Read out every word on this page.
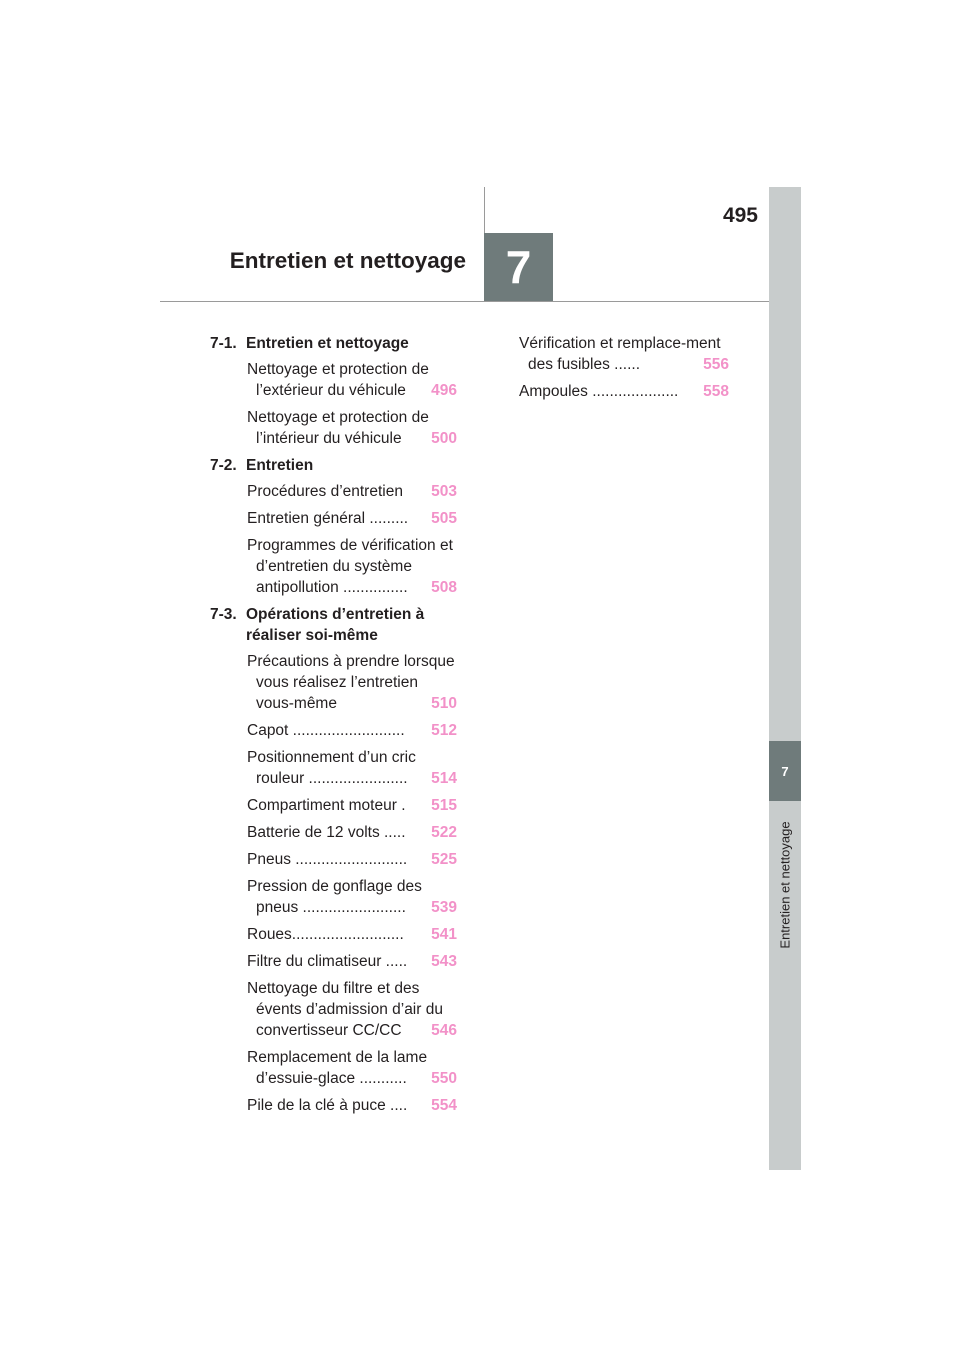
495
Entretien et nettoyage 7
7
Entretien et nettoyage
7-1. Entretien et nettoyage
Nettoyage et protection de l’extérieur du véhicule 496
Nettoyage et protection de l’intérieur du véhicule 500
7-2. Entretien
Procédures d’entretien 503
Entretien général ......... 505
Programmes de vérification et d’entretien du système antipollution ............... 508
7-3. Opérations d’entretien à réaliser soi-même
Précautions à prendre lorsque vous réalisez l’entretien vous-même	510
Capot .......................... 512
Positionnement d’un cric rouleur ....................... 514
Compartiment moteur . 515
Batterie de 12 volts ..... 522
Pneus .......................... 525
Pression de gonflage des pneus ........................ 539
Roues.......................... 541
Filtre du climatiseur ..... 543
Nettoyage du filtre et des évents d’admission d’air du convertisseur CC/CC 546
Remplacement de la lame d’essuie-glace ........... 550
Pile de la clé à puce .... 554
Vérification et remplace-ment des fusibles ......	556
Ampoules .................... 558
